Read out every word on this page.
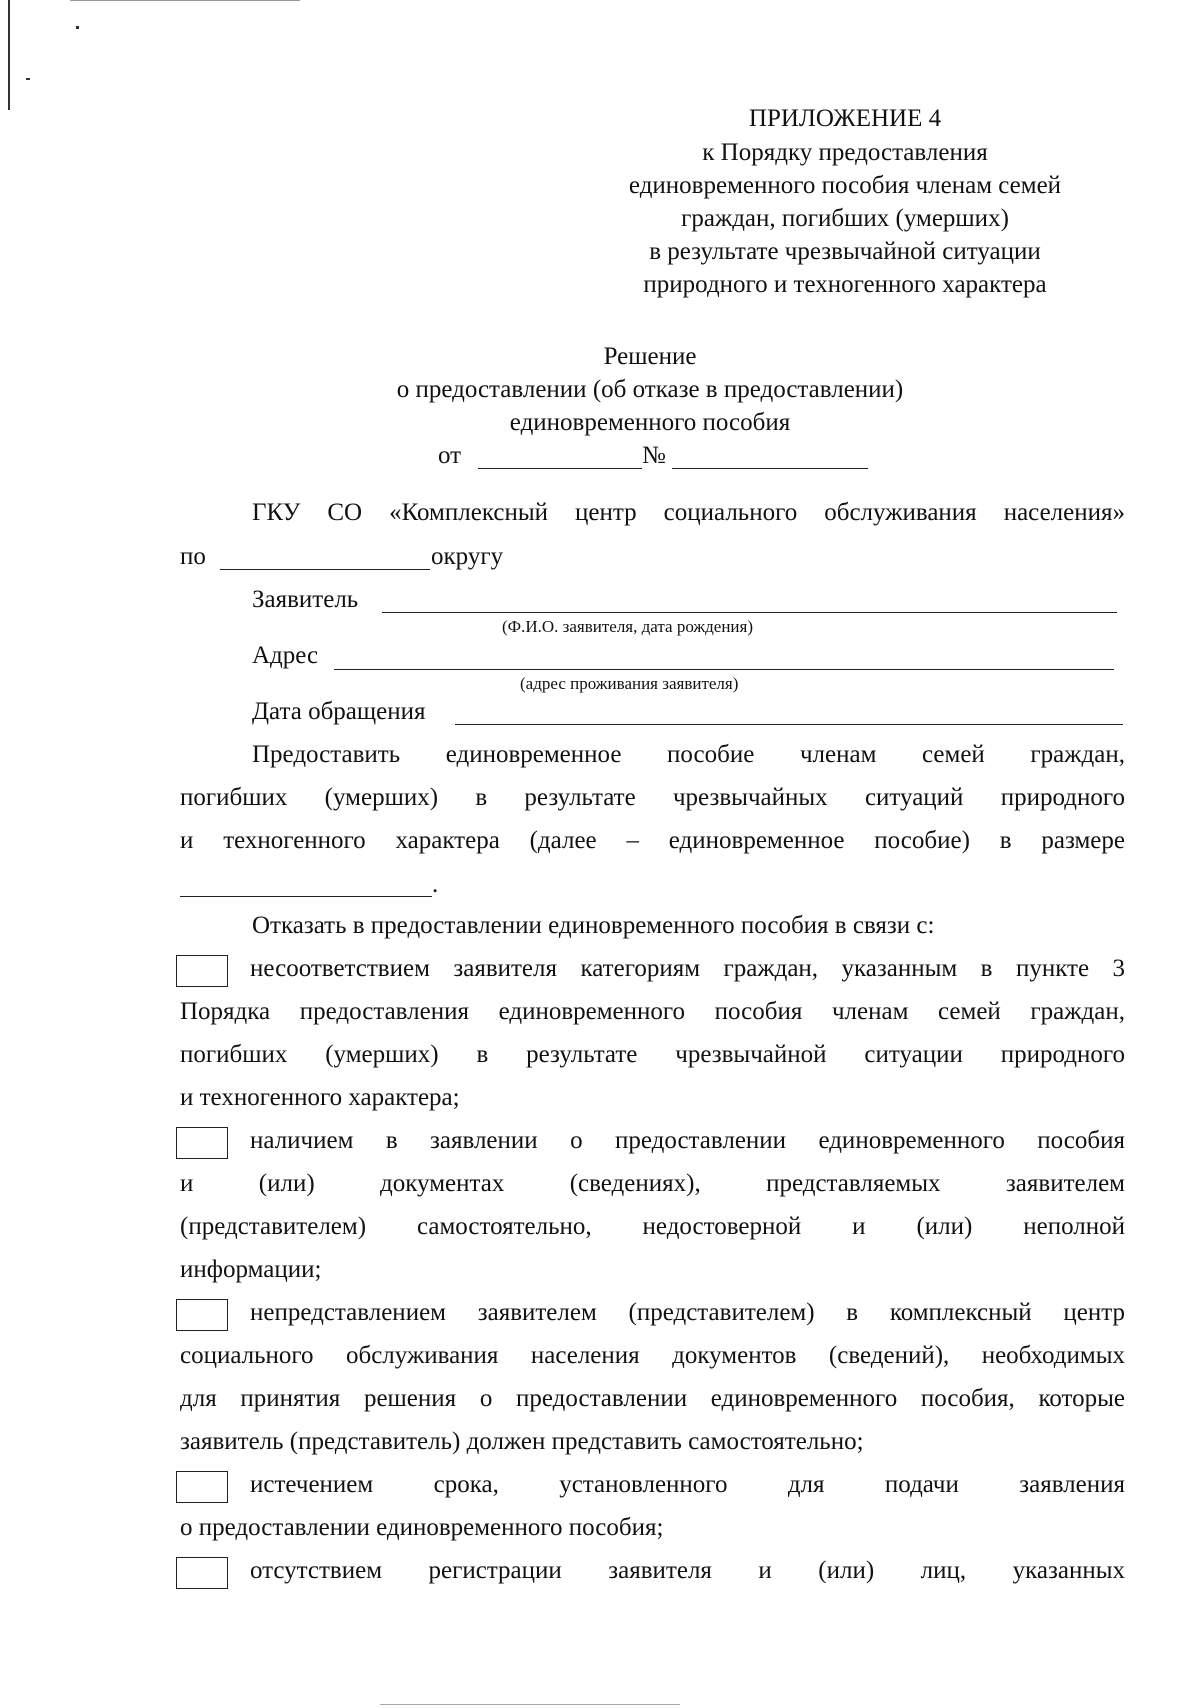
ПРИЛОЖЕНИЕ 4
к Порядку предоставления
единовременного пособия членам семей
граждан, погибших (умерших)
в результате чрезвычайной ситуации
природного и техногенного характера
Решение
о предоставлении (об отказе в предоставлении)
единовременного пособия
от	№
ГКУ СО «Комплексный центр социального обслуживания населения»
по	округу
Заявитель
(Ф.И.О. заявителя, дата рождения)
Адрес
(адрес проживания заявителя)
Дата обращения
Предоставить единовременное пособие членам семей граждан,
погибших (умерших) в результате чрезвычайных ситуаций природного
и техногенного характера (далее – единовременное пособие) в размере
.
Отказать в предоставлении единовременного пособия в связи с:
несоответствием заявителя категориям граждан, указанным в пункте 3
Порядка предоставления единовременного пособия членам семей граждан,
погибших (умерших) в результате чрезвычайной ситуации природного
и техногенного характера;
наличием в заявлении о предоставлении единовременного пособия
и (или) документах (сведениях), представляемых заявителем
(представителем) самостоятельно, недостоверной и (или) неполной
информации;
непредставлением заявителем (представителем) в комплексный центр
социального обслуживания населения документов (сведений), необходимых
для принятия решения о предоставлении единовременного пособия, которые
заявитель (представитель) должен представить самостоятельно;
истечением срока, установленного для подачи заявления
о предоставлении единовременного пособия;
отсутствием регистрации заявителя и (или) лиц, указанных
